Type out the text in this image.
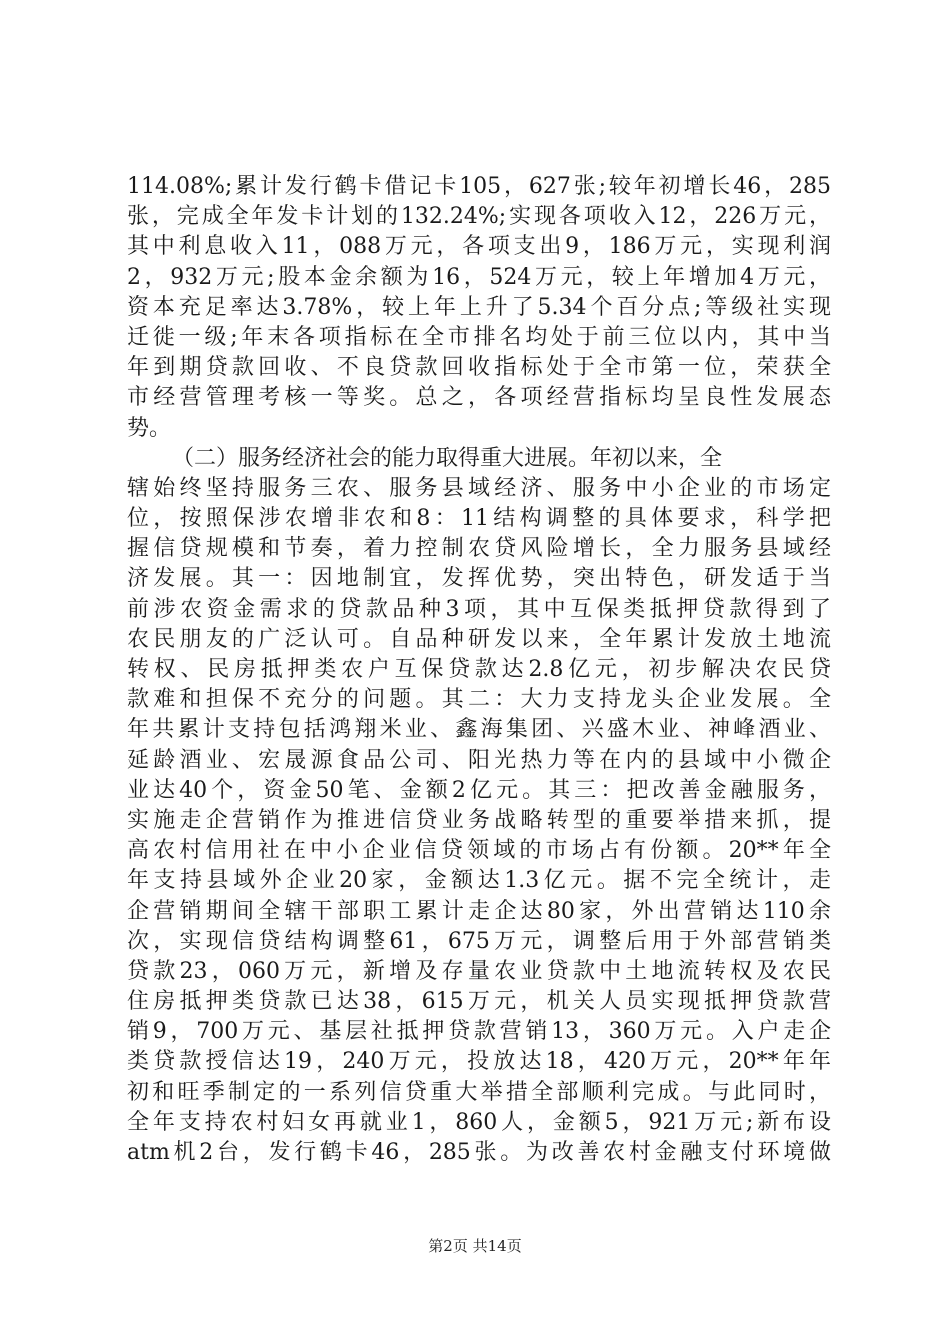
114.08%;累计发行鹤卡借记卡105，627张;较年初增长46，285
张，完成全年发卡计划的132.24%;实现各项收入12，226万元，
其中利息收入11，088万元，各项支出9，186万元，实现利润
2，932万元;股本金余额为16，524万元，较上年增加4万元，
资本充足率达3.78%，较上年上升了5.34个百分点;等级社实现
迁徙一级;年末各项指标在全市排名均处于前三位以内，其中当
年到期贷款回收、不良贷款回收指标处于全市第一位，荣获全
市经营管理考核一等奖。总之，各项经营指标均呈良性发展态
势。
（二）服务经济社会的能力取得重大进展。年初以来，全
辖始终坚持服务三农、服务县域经济、服务中小企业的市场定
位，按照保涉农增非农和8：11结构调整的具体要求，科学把
握信贷规模和节奏，着力控制农贷风险增长，全力服务县域经
济发展。其一：因地制宜，发挥优势，突出特色，研发适于当
前涉农资金需求的贷款品种3项，其中互保类抵押贷款得到了
农民朋友的广泛认可。自品种研发以来，全年累计发放土地流
转权、民房抵押类农户互保贷款达2.8亿元，初步解决农民贷
款难和担保不充分的问题。其二：大力支持龙头企业发展。全
年共累计支持包括鸿翔米业、鑫海集团、兴盛木业、神峰酒业、
延龄酒业、宏晟源食品公司、阳光热力等在内的县域中小微企
业达40个，资金50笔、金额2亿元。其三：把改善金融服务，
实施走企营销作为推进信贷业务战略转型的重要举措来抓，提
高农村信用社在中小企业信贷领域的市场占有份额。20**年全
年支持县域外企业20家，金额达1.3亿元。据不完全统计，走
企营销期间全辖干部职工累计走企达80家，外出营销达110余
次，实现信贷结构调整61，675万元，调整后用于外部营销类
贷款23，060万元，新增及存量农业贷款中土地流转权及农民
住房抵押类贷款已达38，615万元，机关人员实现抵押贷款营
销9，700万元、基层社抵押贷款营销13，360万元。入户走企
类贷款授信达19，240万元，投放达18，420万元，20**年年
初和旺季制定的一系列信贷重大举措全部顺利完成。与此同时，
全年支持农村妇女再就业1，860人，金额5，921万元;新布设
atm机2台，发行鹤卡46，285张。为改善农村金融支付环境做
第2页 共14页
